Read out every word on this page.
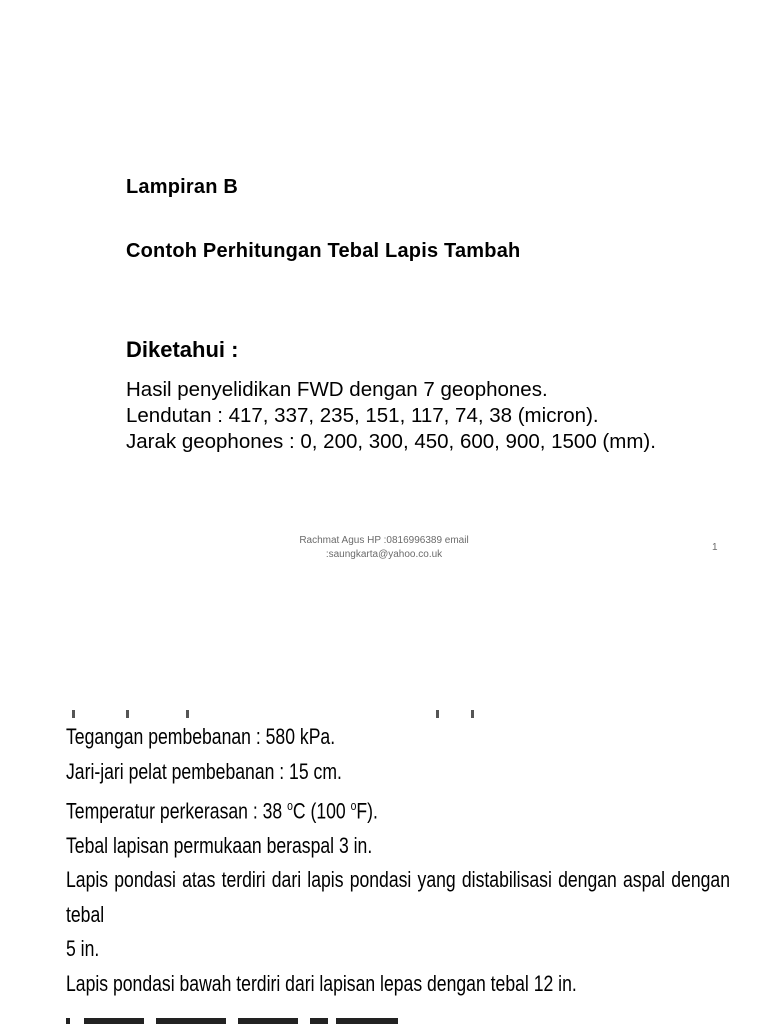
Lampiran B
Contoh Perhitungan Tebal Lapis Tambah
Diketahui :
Hasil penyelidikan FWD dengan 7 geophones.
Lendutan : 417, 337, 235, 151, 117, 74, 38 (micron).
Jarak geophones : 0, 200, 300, 450, 600, 900, 1500 (mm).
Rachmat Agus HP :0816996389 email
:saungkarta@yahoo.co.uk
1
Tegangan pembebanan : 580 kPa.
Jari-jari pelat pembebanan : 15 cm.
Temperatur perkerasan : 38 $^o$C (100 $^o$F).
Tebal lapisan permukaan beraspal 3 in.
Lapis pondasi atas terdiri dari lapis pondasi yang distabilisasi dengan aspal dengan tebal
5 in.
Lapis pondasi bawah terdiri dari lapisan lepas dengan tebal 12 in.
